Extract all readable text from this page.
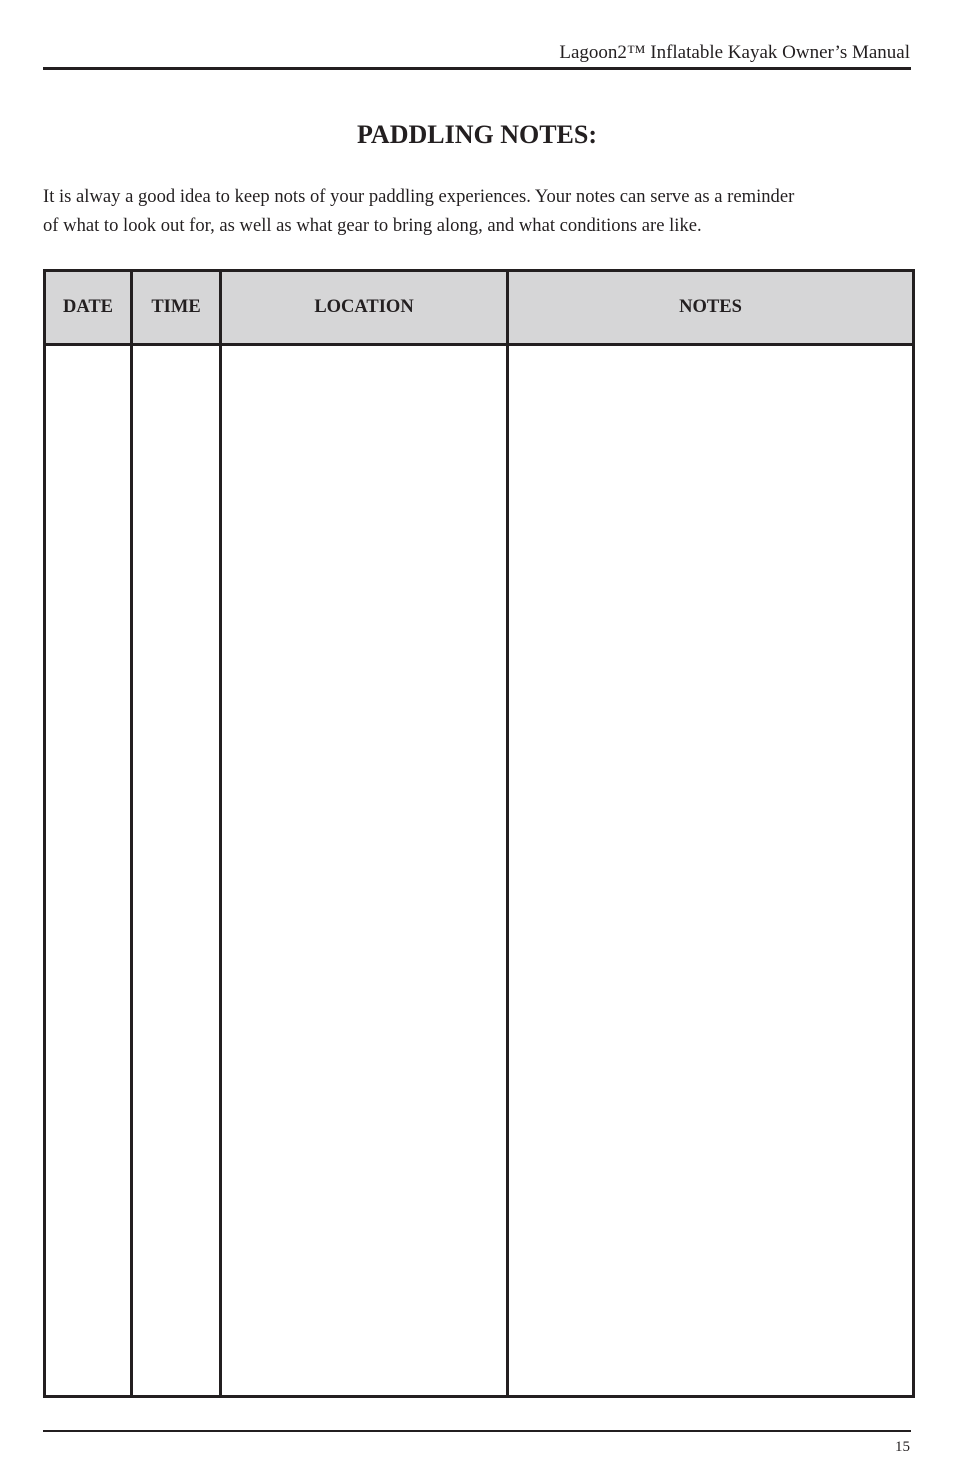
Lagoon2™ Inflatable Kayak Owner’s Manual
PADDLING NOTES:

It is alway a good idea to keep nots of your paddling experiences. Your notes can serve as a reminder
of what to look out for, as well as what gear to bring along, and what conditions are like.

DATE	TIME	LOCATION	NOTES

15
